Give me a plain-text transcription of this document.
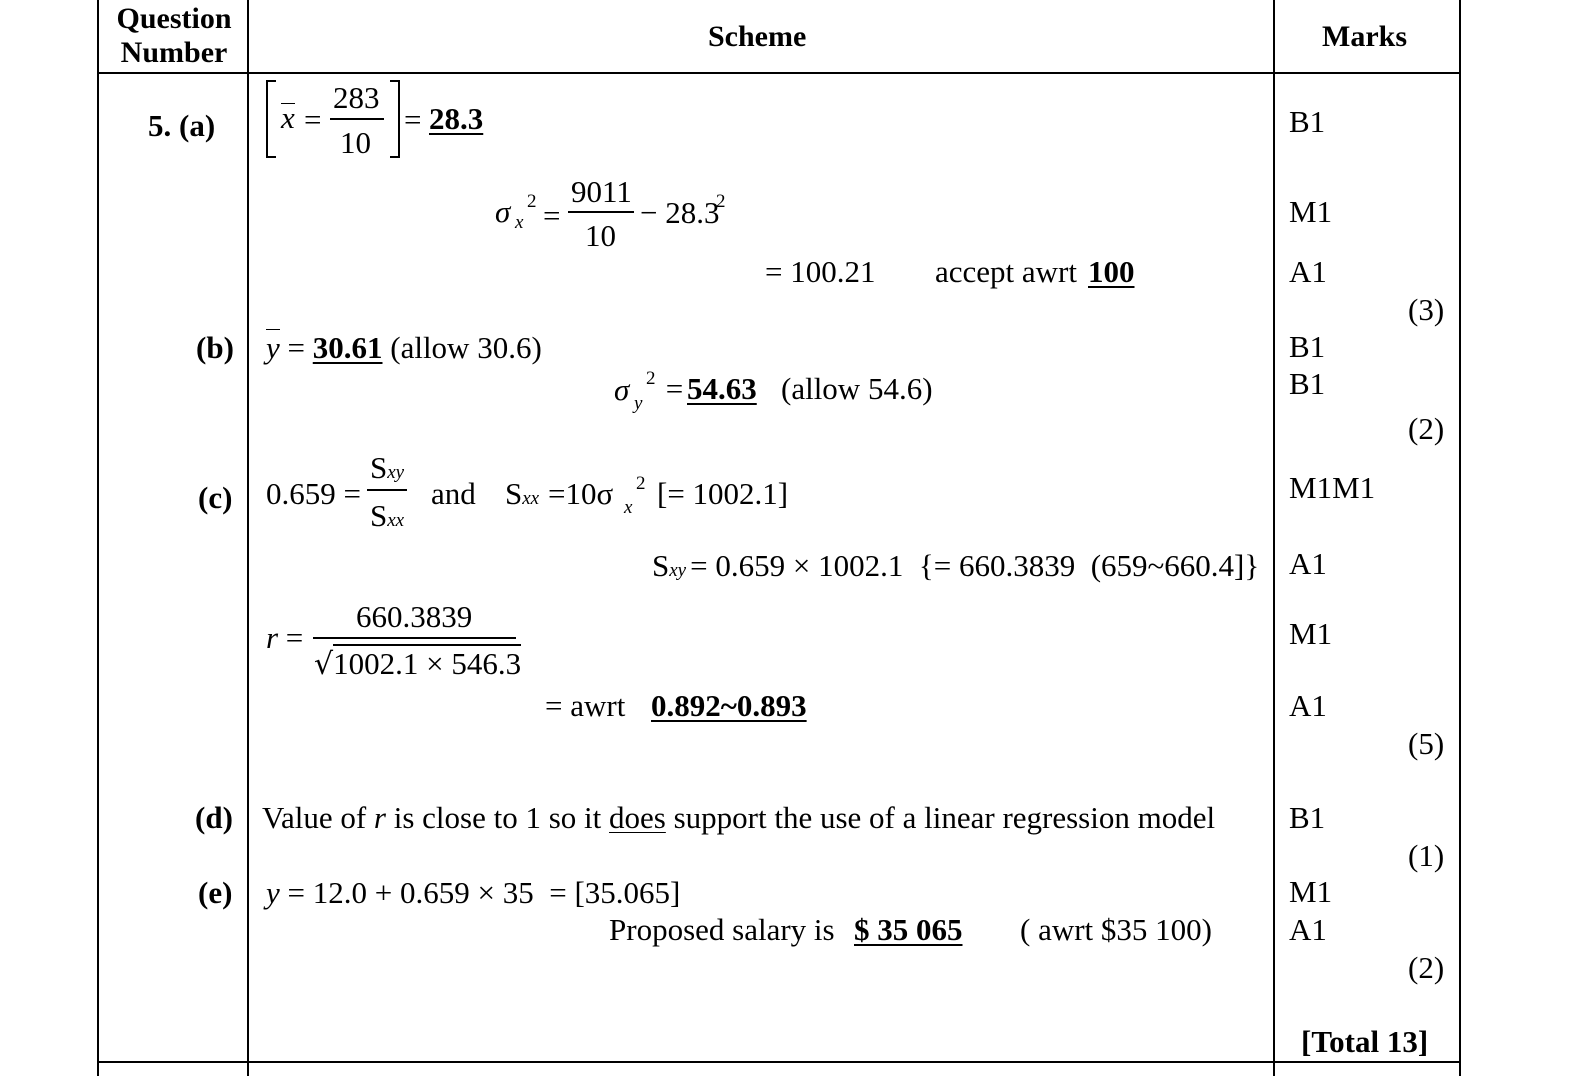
Question
Number	Scheme	Marks
5. (a) x =
283
10
= 28.3
σ x
2 =
9011
10
− 28.3
2
= 100.21 accept awrt 100
B1
M1
A1
(3)
(b) y = 30.61 (allow 30.6)
σ y
2 = 54.63 (allow 54.6)
B1
B1
(2)
(c) 0.659 =
Sxy
Sxx
and Sxx =10σ x
2 [= 1002.1]
Sxy = 0.659 × 1002.1  {= 660.3839  (659~660.4]}
r =
660.3839
√1002.1 × 546.3
= awrt 0.892~0.893
M1M1
A1
M1
A1
(5)
(d) Value of r is close to 1 so it does support the use of a linear regression model B1
(1)
(e) y = 12.0 + 0.659 × 35  = [35.065]
Proposed salary is $ 35 065 ( awrt $35 100)
M1
A1
(2)
[Total 13]
